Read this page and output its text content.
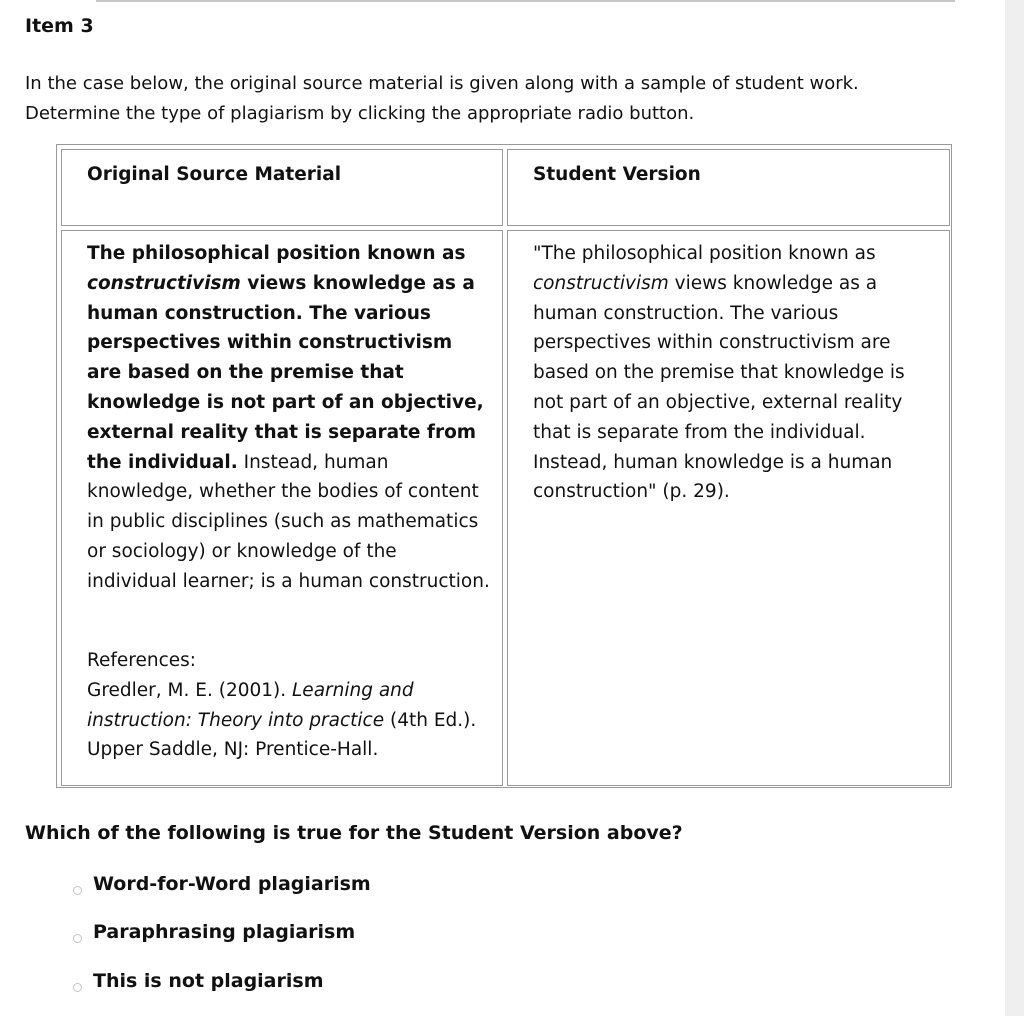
Item 3
In the case below, the original source material is given along with a sample of student work.
Determine the type of plagiarism by clicking the appropriate radio button.
Original Source Material	Student Version
The philosophical position known as constructivism views knowledge as a human construction. The various perspectives within constructivism are based on the premise that knowledge is not part of an objective, external reality that is separate from the individual. Instead, human knowledge, whether the bodies of content in public disciplines (such as mathematics or sociology) or knowledge of the individual learner; is a human construction.
References:
Gredler, M. E. (2001). Learning and instruction: Theory into practice (4th Ed.). Upper Saddle, NJ: Prentice-Hall.
"The philosophical position known as constructivism views knowledge as a human construction. The various perspectives within constructivism are based on the premise that knowledge is not part of an objective, external reality that is separate from the individual. Instead, human knowledge is a human construction" (p. 29).
Which of the following is true for the Student Version above?
Word-for-Word plagiarism
Paraphrasing plagiarism
This is not plagiarism
